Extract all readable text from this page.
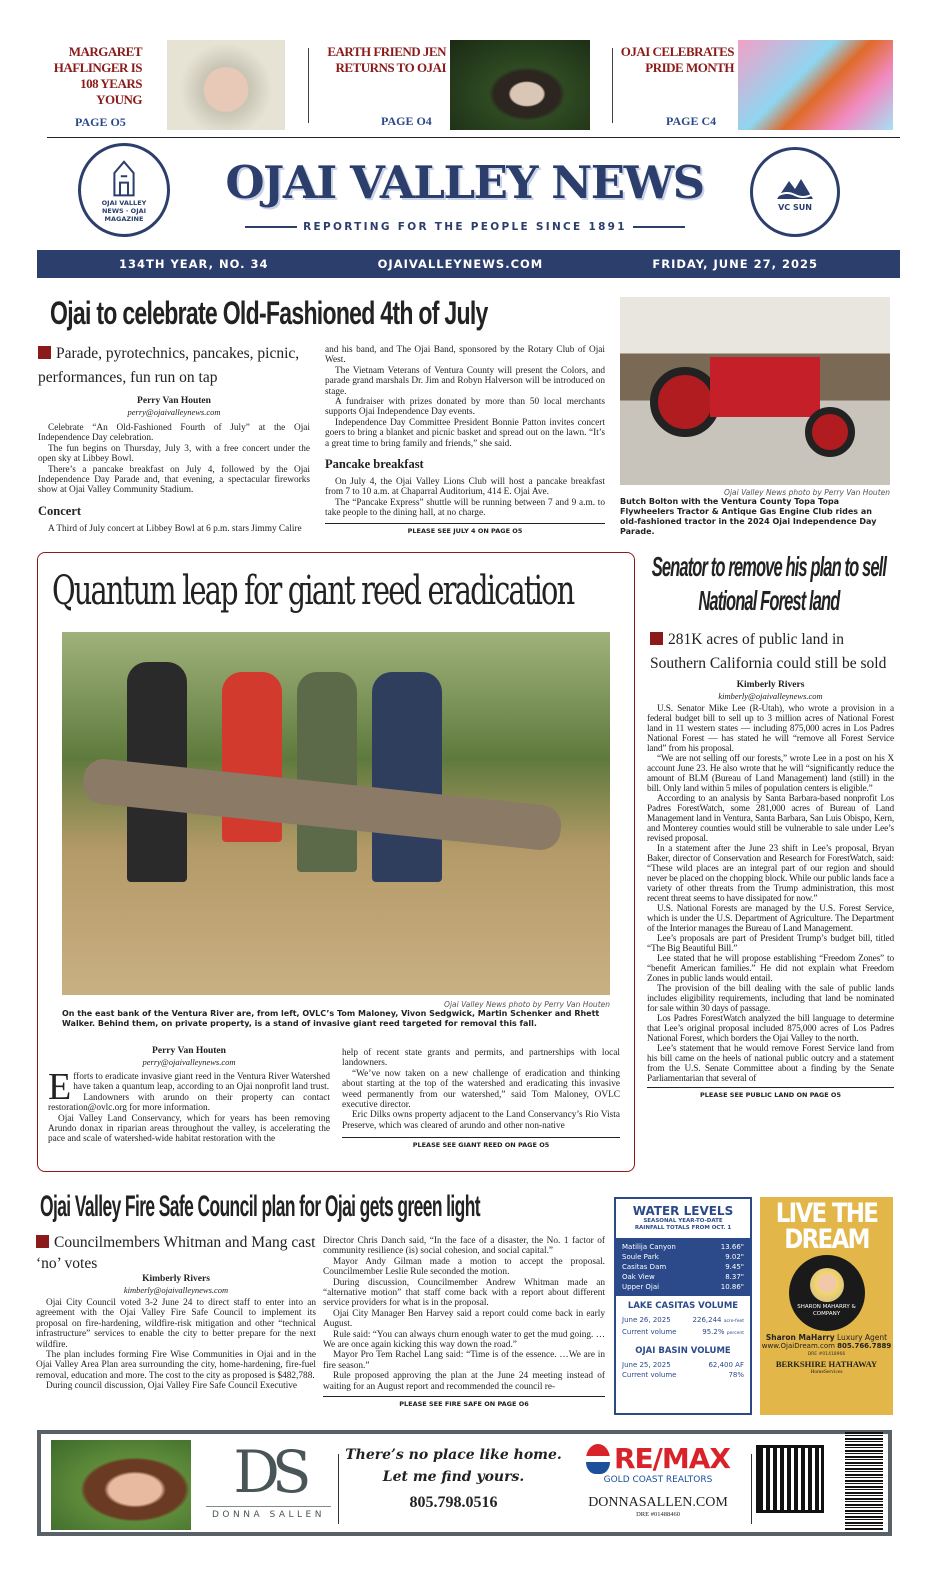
MARGARET HAFLINGER IS 108 YEARS YOUNG
PAGE O5
EARTH FRIEND JEN RETURNS TO OJAI
PAGE O4
OJAI CELEBRATES PRIDE MONTH
PAGE C4
OJAI VALLEY NEWS · OJAI MAGAZINE
OJAI VALLEY NEWS
REPORTING FOR THE PEOPLE SINCE 1891
VC SUN
134TH YEAR, NO. 34	OJAIVALLEYNEWS.COM	FRIDAY, JUNE 27, 2025
Ojai to celebrate Old-Fashioned 4th of July
Parade, pyrotechnics, pancakes, picnic, performances, fun run on tap
Perry Van Houten
perry@ojaivalleynews.com

Celebrate “An Old-Fashioned Fourth of July” at the Ojai Independence Day celebration.

The fun begins on Thursday, July 3, with a free concert under the open sky at Libbey Bowl.

There’s a pancake breakfast on July 4, followed by the Ojai Independence Day Parade and, that evening, a spectacular fireworks show at Ojai Valley Community Stadium.

Concert

A Third of July concert at Libbey Bowl at 6 p.m. stars Jimmy Calire

and his band, and The Ojai Band, sponsored by the Rotary Club of Ojai West.

The Vietnam Veterans of Ventura County will present the Colors, and parade grand marshals Dr. Jim and Robyn Halverson will be introduced on stage.

A fundraiser with prizes donated by more than 50 local merchants supports Ojai Independence Day events.

Independence Day Committee President Bonnie Patton invites concert goers to bring a blanket and picnic basket and spread out on the lawn. “It’s a great time to bring family and friends,” she said.

Pancake breakfast

On July 4, the Ojai Valley Lions Club will host a pancake breakfast from 7 to 10 a.m. at Chaparral Auditorium, 414 E. Ojai Ave.

The “Pancake Express” shuttle will be running between 7 and 9 a.m. to take people to the dining hall, at no charge.

PLEASE SEE JULY 4 ON PAGE O5
Ojai Valley News photo by Perry Van Houten
Butch Bolton with the Ventura County Topa Topa Flywheelers Tractor & Antique Gas Engine Club rides an old-fashioned tractor in the 2024 Ojai Independence Day Parade.
Quantum leap for giant reed eradication
Ojai Valley News photo by Perry Van Houten
On the east bank of the Ventura River are, from left, OVLC’s Tom Maloney, Vivon Sedgwick, Martin Schenker and Rhett Walker. Behind them, on private property, is a stand of invasive giant reed targeted for removal this fall.
Perry Van Houten
perry@ojaivalleynews.com

Efforts to eradicate invasive giant reed in the Ventura River Watershed have taken a quantum leap, according to an Ojai nonprofit land trust.

Landowners with arundo on their property can contact restoration@ovlc.org for more information.

Ojai Valley Land Conservancy, which for years has been removing Arundo donax in riparian areas throughout the valley, is accelerating the pace and scale of watershed-wide habitat restoration with the

help of recent state grants and permits, and partnerships with local landowners.

“We’ve now taken on a new challenge of eradication and thinking about starting at the top of the watershed and eradicating this invasive weed permanently from our watershed,” said Tom Maloney, OVLC executive director.

Eric Dilks owns property adjacent to the Land Conservancy’s Rio Vista Preserve, which was cleared of arundo and other non-native

PLEASE SEE GIANT REED ON PAGE O5
Senator to remove his plan to sell National Forest land
281K acres of public land in Southern California could still be sold
Kimberly Rivers
kimberly@ojaivalleynews.com

U.S. Senator Mike Lee (R-Utah), who wrote a provision in a federal budget bill to sell up to 3 million acres of National Forest land in 11 western states — including 875,000 acres in Los Padres National Forest — has stated he will “remove all Forest Service land” from his proposal.

“We are not selling off our forests,” wrote Lee in a post on his X account June 23. He also wrote that he will “significantly reduce the amount of BLM (Bureau of Land Management) land (still) in the bill. Only land within 5 miles of population centers is eligible.”

According to an analysis by Santa Barbara-based nonprofit Los Padres ForestWatch, some 281,000 acres of Bureau of Land Management land in Ventura, Santa Barbara, San Luis Obispo, Kern, and Monterey counties would still be vulnerable to sale under Lee’s revised proposal.

In a statement after the June 23 shift in Lee’s proposal, Bryan Baker, director of Conservation and Research for ForestWatch, said: “These wild places are an integral part of our region and should never be placed on the chopping block. While our public lands face a variety of other threats from the Trump administration, this most recent threat seems to have dissipated for now.”

U.S. National Forests are managed by the U.S. Forest Service, which is under the U.S. Department of Agriculture. The Department of the Interior manages the Bureau of Land Management.

Lee’s proposals are part of President Trump’s budget bill, titled “The Big Beautiful Bill.”

Lee stated that he will propose establishing “Freedom Zones” to “benefit American families.” He did not explain what Freedom Zones in public lands would entail.

The provision of the bill dealing with the sale of public lands includes eligibility requirements, including that land be nominated for sale within 30 days of passage.

Los Padres ForestWatch analyzed the bill language to determine that Lee’s original proposal included 875,000 acres of Los Padres National Forest, which borders the Ojai Valley to the north.

Lee’s statement that he would remove Forest Service land from his bill came on the heels of national public outcry and a statement from the U.S. Senate Committee about a finding by the Senate Parliamentarian that several of

PLEASE SEE PUBLIC LAND ON PAGE O5
Ojai Valley Fire Safe Council plan for Ojai gets green light
Councilmembers Whitman and Mang cast ‘no’ votes
Kimberly Rivers
kimberly@ojaivalleynews.com

Ojai City Council voted 3-2 June 24 to direct staff to enter into an agreement with the Ojai Valley Fire Safe Council to implement its proposal on fire-hardening, wildfire-risk mitigation and other “technical infrastructure” services to enable the city to better prepare for the next wildfire.

The plan includes forming Fire Wise Communities in Ojai and in the Ojai Valley Area Plan area surrounding the city, home-hardening, fire-fuel removal, education and more. The cost to the city as proposed is $482,788.

During council discussion, Ojai Valley Fire Safe Council Executive

Director Chris Danch said, “In the face of a disaster, the No. 1 factor of community resilience (is) social cohesion, and social capital.”

Mayor Andy Gilman made a motion to accept the proposal. Councilmember Leslie Rule seconded the motion.

During discussion, Councilmember Andrew Whitman made an “alternative motion” that staff come back with a report about different service providers for what is in the proposal.

Ojai City Manager Ben Harvey said a report could come back in early August.

Rule said: “You can always churn enough water to get the mud going. … We are once again kicking this way down the road.”

Mayor Pro Tem Rachel Lang said: “Time is of the essence. …We are in fire season.”

Rule proposed approving the plan at the June 24 meeting instead of waiting for an August report and recommended the council re-

PLEASE SEE FIRE SAFE ON PAGE O6
WATER LEVELS
SEASONAL YEAR-TO-DATE RAINFALL TOTALS FROM OCT. 1
Matilija Canyon	13.66"
Soule Park	9.02"
Casitas Dam	9.45"
Oak View	8.37"
Upper Ojai	10.86"
LAKE CASITAS VOLUME
June 26, 2025	226,244 acre-feet
Current volume	95.2% percent
OJAI BASIN VOLUME
June 25, 2025	62,400 AF
Current volume	78%
LIVE THE DREAM
SHARON MAHARRY & COMPANY
Sharon MaHarry Luxury Agent
www.OjaiDream.com 805.766.7889
DRE #01418966
BERKSHIRE HATHAWAY
HomeServices
DS
DONNA SALLEN
There’s no place like home.
Let me find yours.
805.798.0516
RE/MAX
GOLD COAST REALTORS
DONNASALLEN.COM
DRE #01488460
